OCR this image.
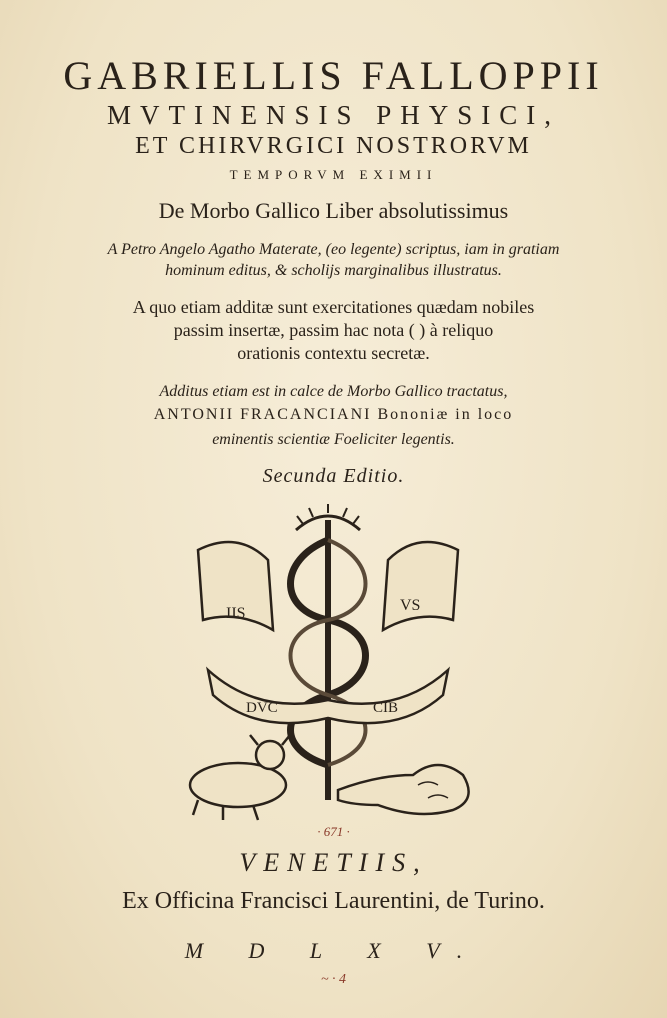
GABRIELLIS FALLOPPII
MVTINENSIS PHYSICI,
ET CHIRVRGICI NOSTRORVM
TEMPORVM EXIMII
De Morbo Gallico Liber absolutissimus
A Petro Angelo Agatho Materate, (eo legente) scriptus, iam in gratiam
hominum editus, & scholijs marginalibus illustratus.
A quo etiam additæ sunt exercitationes quædam nobiles
passim insertæ, passim hac nota ( ) à reliquo
orationis contextu secretæ.
Additus etiam est in calce de Morbo Gallico tractatus,
ANTONII FRACANCIANI Bononiæ in loco
eminentis scientiæ Foeliciter legentis.
Secunda Editio.
IIS	VS
DVC	CIB
· 671 ·
VENETIIS,
Ex Officina Francisci Laurentini, de Turino.
M D L X V.
~ · 4
